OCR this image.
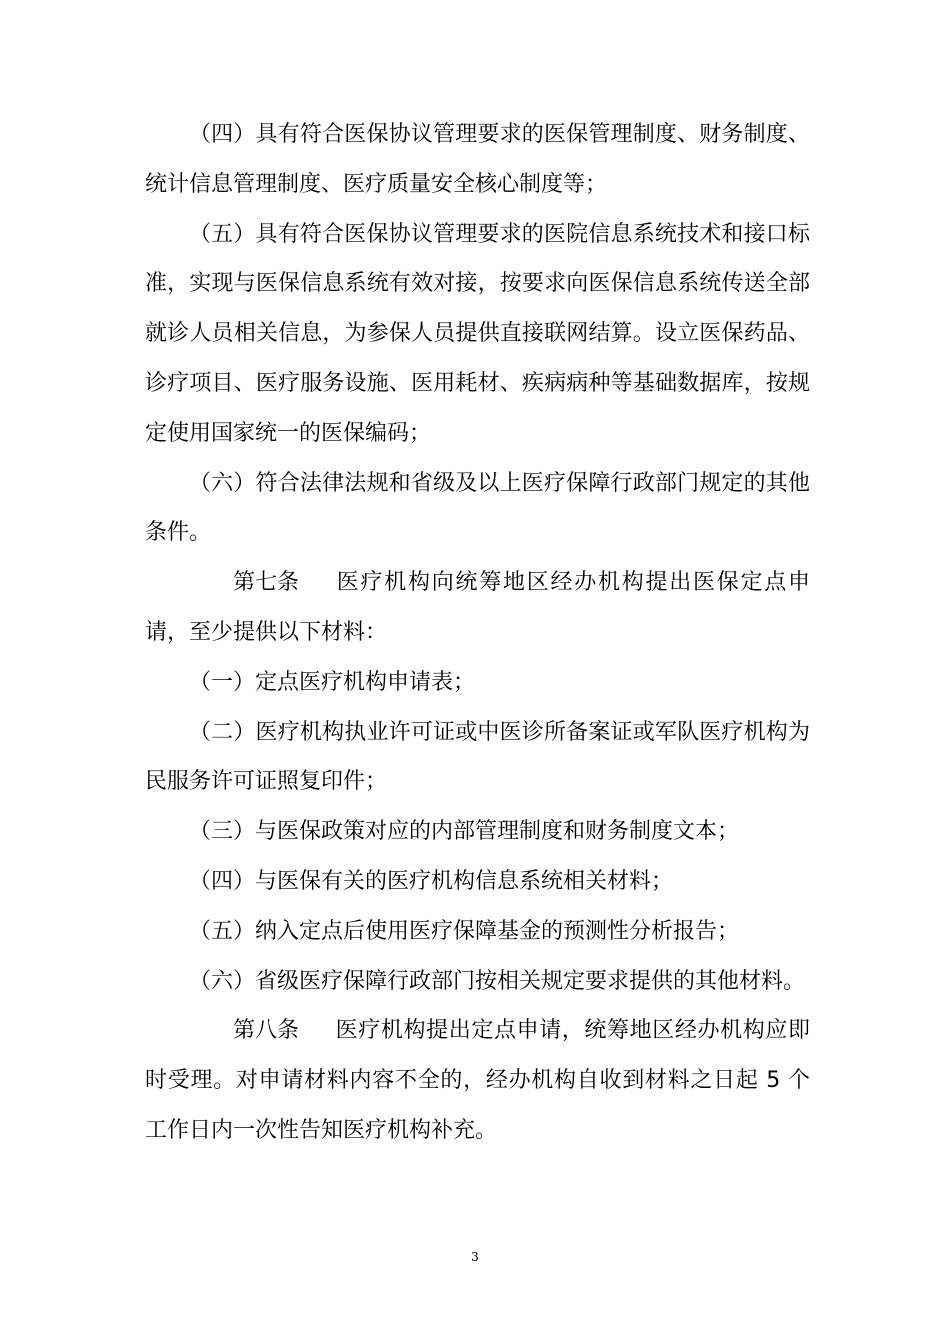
（四）具有符合医保协议管理要求的医保管理制度、财务制度、统计信息管理制度、医疗质量安全核心制度等；

（五）具有符合医保协议管理要求的医院信息系统技术和接口标准，实现与医保信息系统有效对接，按要求向医保信息系统传送全部就诊人员相关信息，为参保人员提供直接联网结算。设立医保药品、诊疗项目、医疗服务设施、医用耗材、疾病病种等基础数据库，按规定使用国家统一的医保编码；

（六）符合法律法规和省级及以上医疗保障行政部门规定的其他条件。

第七条 医疗机构向统筹地区经办机构提出医保定点申请，至少提供以下材料：

（一）定点医疗机构申请表；

（二）医疗机构执业许可证或中医诊所备案证或军队医疗机构为民服务许可证照复印件；

（三）与医保政策对应的内部管理制度和财务制度文本；

（四）与医保有关的医疗机构信息系统相关材料；

（五）纳入定点后使用医疗保障基金的预测性分析报告；

（六）省级医疗保障行政部门按相关规定要求提供的其他材料。

第八条 医疗机构提出定点申请，统筹地区经办机构应即时受理。对申请材料内容不全的，经办机构自收到材料之日起 5 个工作日内一次性告知医疗机构补充。

3
